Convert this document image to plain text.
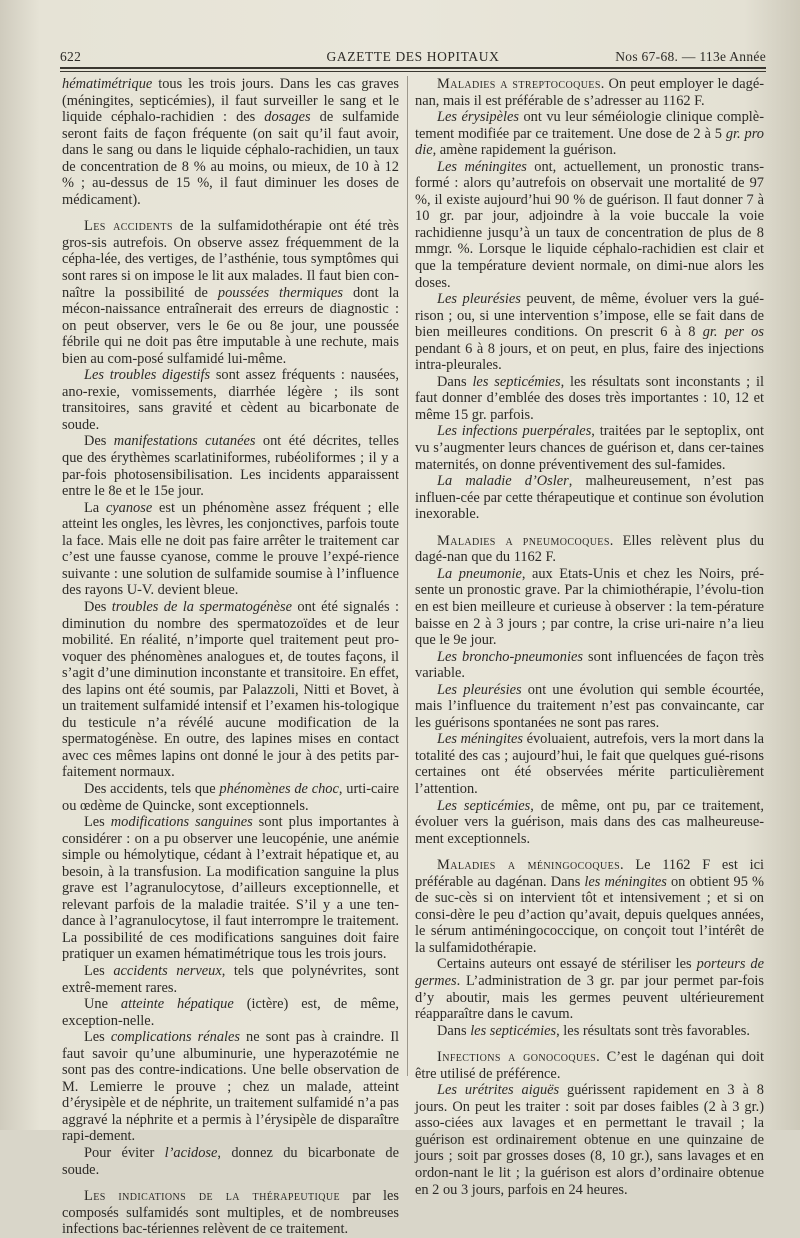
622	GAZETTE DES HOPITAUX	Nos 67-68. — 113e Année

hématimétrique tous les trois jours. Dans les cas graves (méningites, septicémies), il faut surveiller le sang et le liquide céphalo-rachidien : des dosages de sulfamide seront faits de façon fréquente (on sait qu’il faut avoir, dans le sang ou dans le liquide céphalo-rachidien, un taux de concentration de 8 % au moins, ou mieux, de 10 à 12 % ; au-dessus de 15 %, il faut diminuer les doses de médicament).

Les accidents de la sulfamidothérapie ont été très gros-sis autrefois. On observe assez fréquemment de la cépha-lée, des vertiges, de l’asthénie, tous symptômes qui sont rares si on impose le lit aux malades. Il faut bien con-naître la possibilité de poussées thermiques dont la mécon-naissance entraînerait des erreurs de diagnostic : on peut observer, vers le 6e ou 8e jour, une poussée fébrile qui ne doit pas être imputable à une rechute, mais bien au com-posé sulfamidé lui-même.

Les troubles digestifs sont assez fréquents : nausées, ano-rexie, vomissements, diarrhée légère ; ils sont transitoires, sans gravité et cèdent au bicarbonate de soude.

Des manifestations cutanées ont été décrites, telles que des érythèmes scarlatiniformes, rubéoliformes ; il y a par-fois photosensibilisation. Les incidents apparaissent entre le 8e et le 15e jour.

La cyanose est un phénomène assez fréquent ; elle atteint les ongles, les lèvres, les conjonctives, parfois toute la face. Mais elle ne doit pas faire arrêter le traitement car c’est une fausse cyanose, comme le prouve l’expé-rience suivante : une solution de sulfamide soumise à l’influence des rayons U-V. devient bleue.

Des troubles de la spermatogénèse ont été signalés : diminution du nombre des spermatozoïdes et de leur mobilité. En réalité, n’importe quel traitement peut pro-voquer des phénomènes analogues et, de toutes façons, il s’agit d’une diminution inconstante et transitoire. En effet, des lapins ont été soumis, par Palazzoli, Nitti et Bovet, à un traitement sulfamidé intensif et l’examen his-tologique du testicule n’a révélé aucune modification de la spermatogénèse. En outre, des lapines mises en contact avec ces mêmes lapins ont donné le jour à des petits par-faitement normaux.

Des accidents, tels que phénomènes de choc, urti-caire ou œdème de Quincke, sont exceptionnels.

Les modifications sanguines sont plus importantes à considérer : on a pu observer une leucopénie, une anémie simple ou hémolytique, cédant à l’extrait hépatique et, au besoin, à la transfusion. La modification sanguine la plus grave est l’agranulocytose, d’ailleurs exceptionnelle, et relevant parfois de la maladie traitée. S’il y a une ten-dance à l’agranulocytose, il faut interrompre le traitement. La possibilité de ces modifications sanguines doit faire pratiquer un examen hématimétrique tous les trois jours.

Les accidents nerveux, tels que polynévrites, sont extrê-mement rares.

Une atteinte hépatique (ictère) est, de même, exception-nelle.

Les complications rénales ne sont pas à craindre. Il faut savoir qu’une albuminurie, une hyperazotémie ne sont pas des contre-indications. Une belle observation de M. Lemierre le prouve ; chez un malade, atteint d’érysipèle et de néphrite, un traitement sulfamidé n’a pas aggravé la néphrite et a permis à l’érysipèle de disparaître rapi-dement.

Pour éviter l’acidose, donnez du bicarbonate de soude.

Les indications de la thérapeutique par les composés sulfamidés sont multiples, et de nombreuses infections bac-tériennes relèvent de ce traitement.

Maladies a streptocoques. On peut employer le dagé-nan, mais il est préférable de s’adresser au 1162 F.

Les érysipèles ont vu leur séméiologie clinique complè-tement modifiée par ce traitement. Une dose de 2 à 5 gr. pro die, amène rapidement la guérison.

Les méningites ont, actuellement, un pronostic trans-formé : alors qu’autrefois on observait une mortalité de 97 %, il existe aujourd’hui 90 % de guérison. Il faut donner 7 à 10 gr. par jour, adjoindre à la voie buccale la voie rachidienne jusqu’à un taux de concentration de plus de 8 mmgr. %. Lorsque le liquide céphalo-rachidien est clair et que la température devient normale, on dimi-nue alors les doses.

Les pleurésies peuvent, de même, évoluer vers la gué-rison ; ou, si une intervention s’impose, elle se fait dans de bien meilleures conditions. On prescrit 6 à 8 gr. per os pendant 6 à 8 jours, et on peut, en plus, faire des injections intra-pleurales.

Dans les septicémies, les résultats sont inconstants ; il faut donner d’emblée des doses très importantes : 10, 12 et même 15 gr. parfois.

Les infections puerpérales, traitées par le septoplix, ont vu s’augmenter leurs chances de guérison et, dans cer-taines maternités, on donne préventivement des sul-famides.

La maladie d’Osler, malheureusement, n’est pas influen-cée par cette thérapeutique et continue son évolution inexorable.

Maladies a pneumocoques. Elles relèvent plus du dagé-nan que du 1162 F.

La pneumonie, aux Etats-Unis et chez les Noirs, pré-sente un pronostic grave. Par la chimiothérapie, l’évolu-tion en est bien meilleure et curieuse à observer : la tem-pérature baisse en 2 à 3 jours ; par contre, la crise uri-naire n’a lieu que le 9e jour.

Les broncho-pneumonies sont influencées de façon très variable.

Les pleurésies ont une évolution qui semble écourtée, mais l’influence du traitement n’est pas convaincante, car les guérisons spontanées ne sont pas rares.

Les méningites évoluaient, autrefois, vers la mort dans la totalité des cas ; aujourd’hui, le fait que quelques gué-risons certaines ont été observées mérite particulièrement l’attention.

Les septicémies, de même, ont pu, par ce traitement, évoluer vers la guérison, mais dans des cas malheureuse-ment exceptionnels.

Maladies a méningocoques. Le 1162 F est ici préférable au dagénan. Dans les méningites on obtient 95 % de suc-cès si on intervient tôt et intensivement ; et si on consi-dère le peu d’action qu’avait, depuis quelques années, le sérum antiméningococcique, on conçoit tout l’intérêt de la sulfamidothérapie.

Certains auteurs ont essayé de stériliser les porteurs de germes. L’administration de 3 gr. par jour permet par-fois d’y aboutir, mais les germes peuvent ultérieurement réapparaître dans le cavum.

Dans les septicémies, les résultats sont très favorables.

Infections a gonocoques. C’est le dagénan qui doit être utilisé de préférence.

Les urétrites aiguës guérissent rapidement en 3 à 8 jours. On peut les traiter : soit par doses faibles (2 à 3 gr.) asso-ciées aux lavages et en permettant le travail ; la guérison est ordinairement obtenue en une quinzaine de jours ; soit par grosses doses (8, 10 gr.), sans lavages et en ordon-nant le lit ; la guérison est alors d’ordinaire obtenue en 2 ou 3 jours, parfois en 24 heures.
